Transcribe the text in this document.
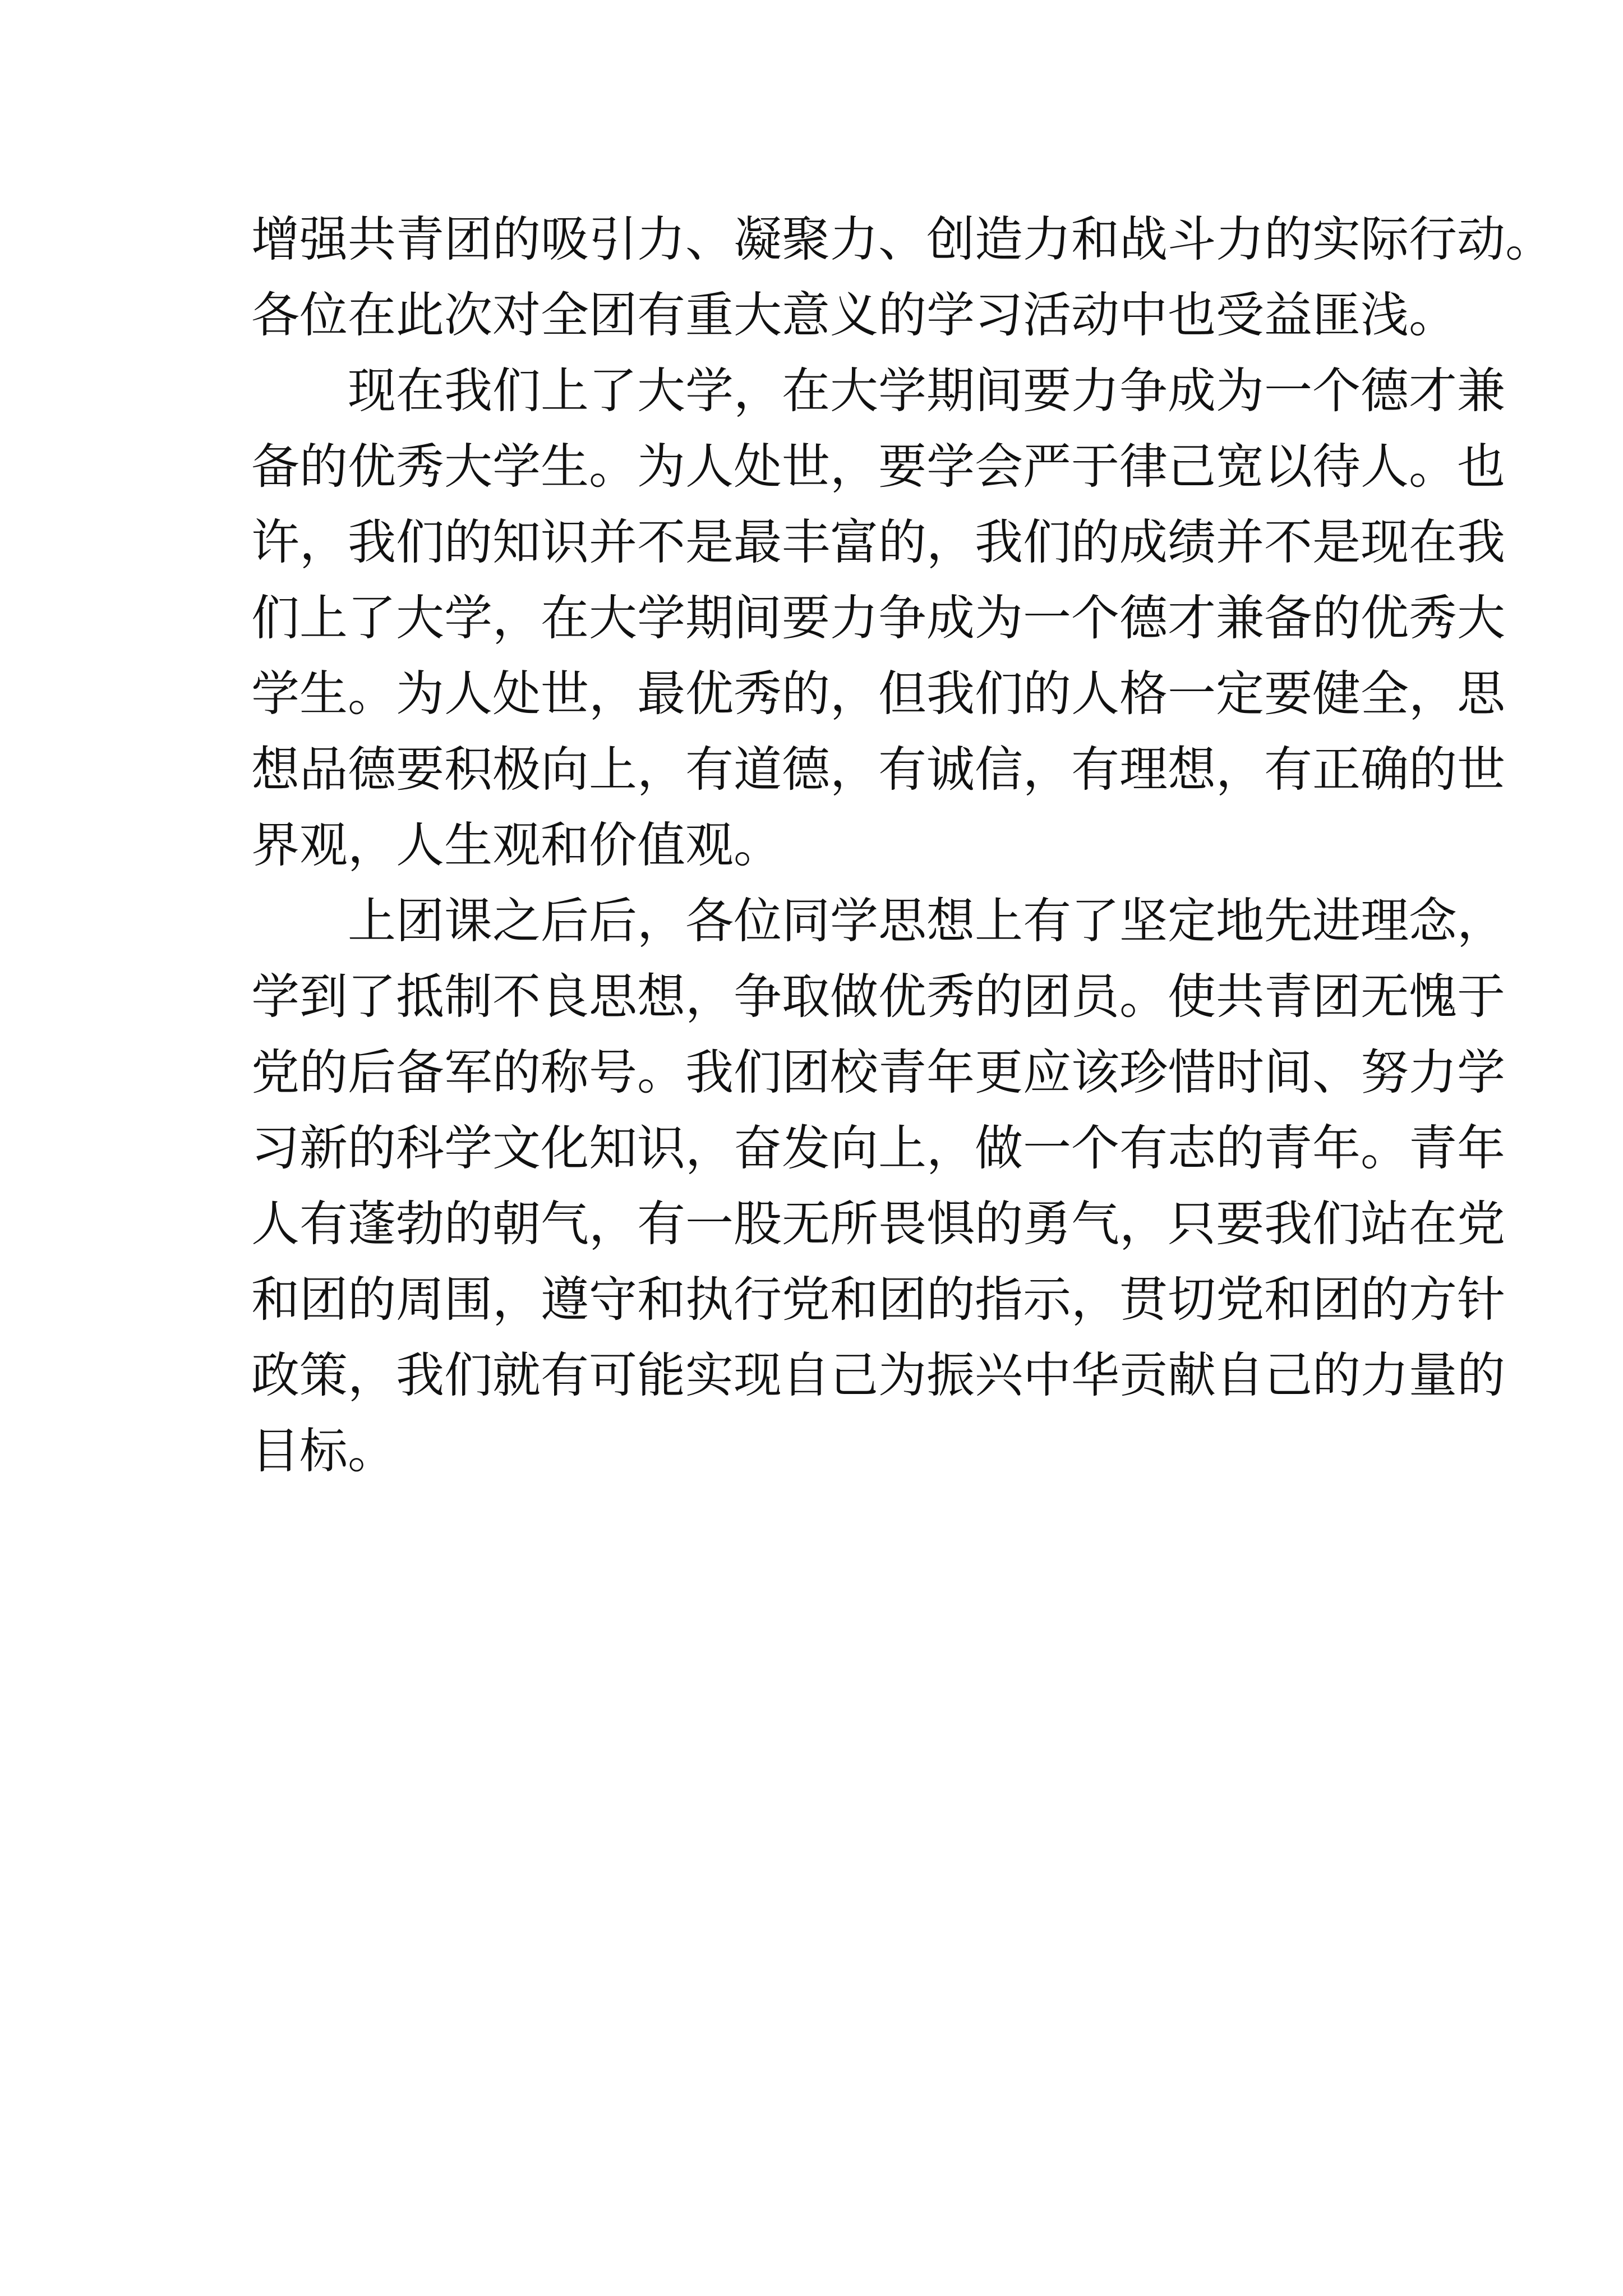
增强共青团的吸引力、凝聚力、创造力和战斗力的实际行动。
各位在此次对全团有重大意义的学习活动中也受益匪浅。
　　现在我们上了大学，在大学期间要力争成为一个德才兼
备的优秀大学生。为人处世，要学会严于律己宽以待人。也
许，我们的知识并不是最丰富的，我们的成绩并不是现在我
们上了大学，在大学期间要力争成为一个德才兼备的优秀大
学生。为人处世，最优秀的，但我们的人格一定要健全，思
想品德要积极向上，有道德，有诚信，有理想，有正确的世
界观，人生观和价值观。
　　上团课之后后，各位同学思想上有了坚定地先进理念，
学到了抵制不良思想，争取做优秀的团员。使共青团无愧于
党的后备军的称号。我们团校青年更应该珍惜时间、努力学
习新的科学文化知识，奋发向上，做一个有志的青年。青年
人有蓬勃的朝气，有一股无所畏惧的勇气，只要我们站在党
和团的周围，遵守和执行党和团的指示，贯切党和团的方针
政策，我们就有可能实现自己为振兴中华贡献自己的力量的
目标。
